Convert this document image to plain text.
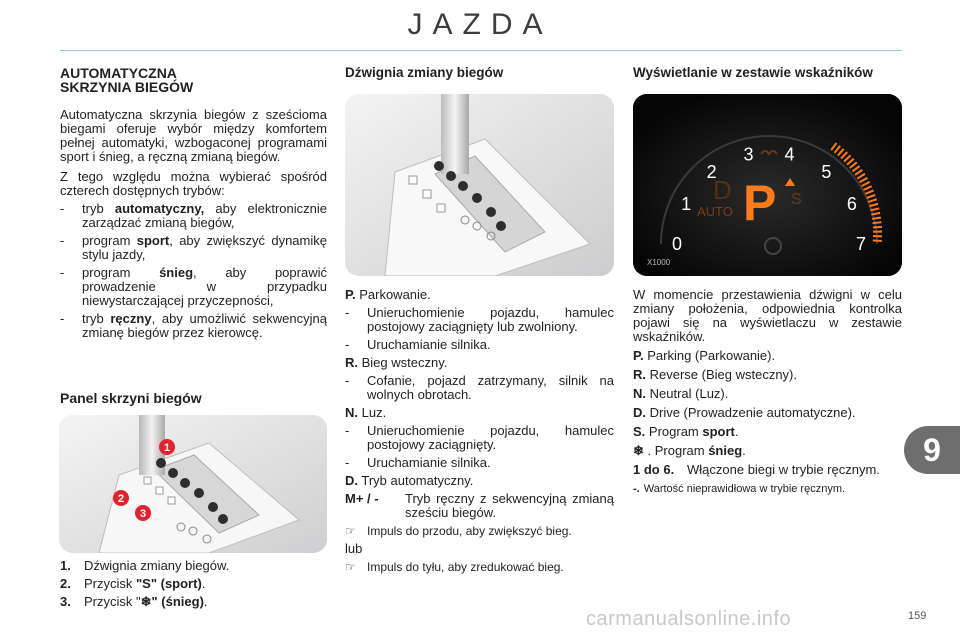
JAZDA
AUTOMATYCZNA
SKRZYNIA BIEGÓW

Automatyczna skrzynia biegów z sześcioma biegami oferuje wybór między komfortem pełnej automatyki, wzbogaconej programami sport i śnieg, a ręczną zmianą biegów.

Z tego względu można wybierać spośród czterech dostępnych trybów:

-	tryb automatyczny, aby elektronicznie zarządzać zmianą biegów,
-	program sport, aby zwiększyć dynamikę stylu jazdy,
-	program śnieg, aby poprawić prowadzenie w przypadku niewystarczającej przyczepności,
-	tryb ręczny, aby umożliwić sekwencyjną zmianę biegów przez kierowcę.
Panel skrzyni biegów
1
2
3
1. Dźwignia zmiany biegów.
2. Przycisk "S" (sport).
3. Przycisk "❄" (śnieg).
Dźwignia zmiany biegów
P. Parkowanie.
-	Unieruchomienie pojazdu, hamulec postojowy zaciągnięty lub zwolniony.
-	Uruchamianie silnika.
R. Bieg wsteczny.
-	Cofanie, pojazd zatrzymany, silnik na wolnych obrotach.
N. Luz.
-	Unieruchomienie pojazdu, hamulec postojowy zaciągnięty.
-	Uruchamianie silnika.
D. Tryb automatyczny.
M+ / -	Tryb ręczny z sekwencyjną zmianą sześciu biegów.
☞ Impuls do przodu, aby zwiększyć bieg.
lub
☞ Impuls do tyłu, aby zredukować bieg.
Wyświetlanie w zestawie wskaźników
0
1
2
3 4
5
6
7
X1000
D
AUTO P S

W momencie przestawienia dźwigni w celu zmiany położenia, odpowiednia kontrolka pojawi się na wyświetlaczu w zestawie wskaźników.

P. Parking (Parkowanie).
R. Reverse (Bieg wsteczny).
N. Neutral (Luz).
D. Drive (Prowadzenie automatyczne).
S. Program sport.
❄ . Program śnieg.
1 do 6. Włączone biegi w trybie ręcznym.
-. Wartość nieprawidłowa w trybie ręcznym.
9
carmanualsonline.info	159
